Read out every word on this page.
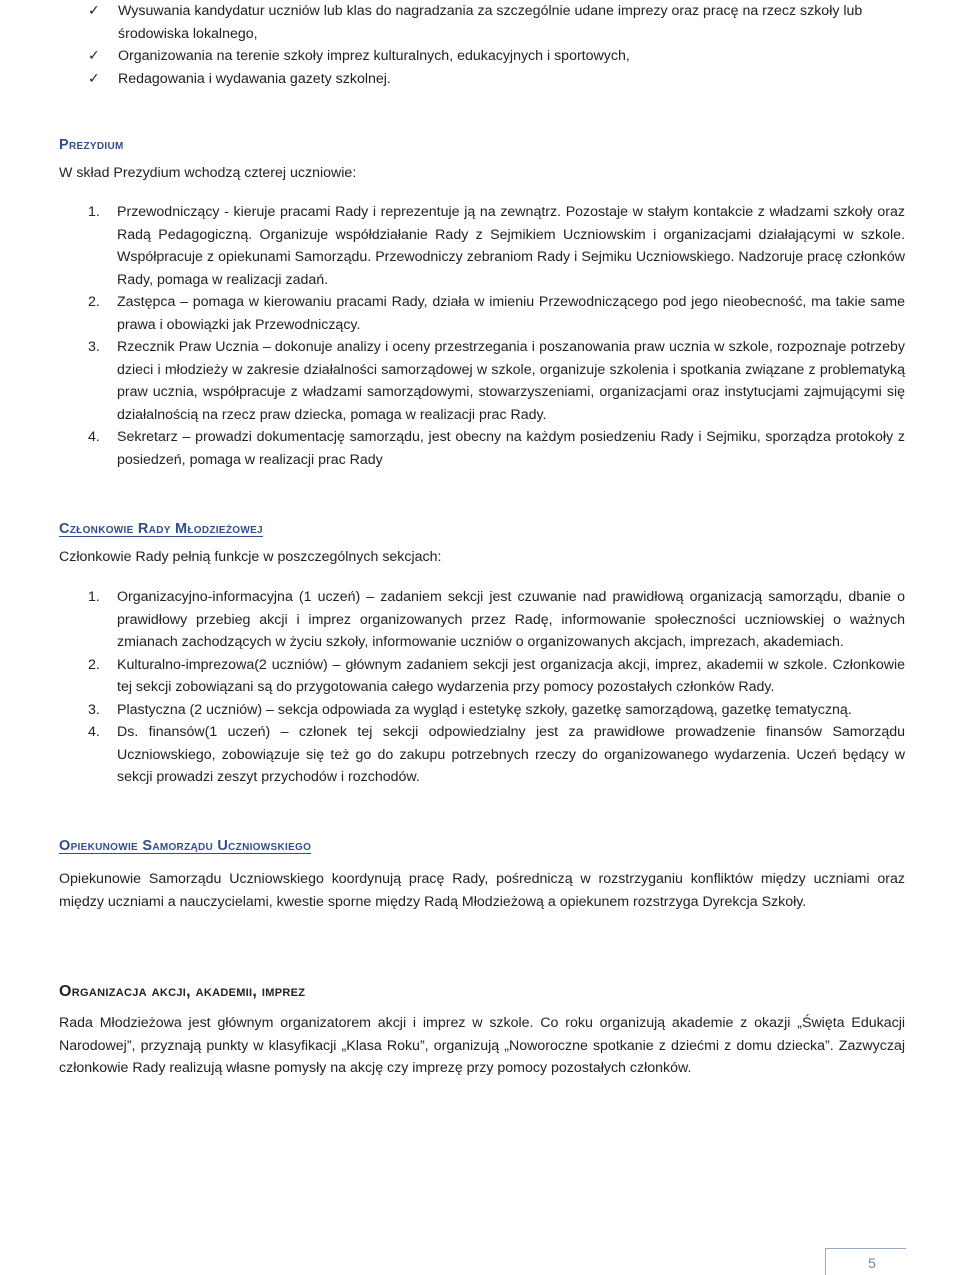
✓ Wysuwania kandydatur uczniów lub klas do nagradzania za szczególnie udane imprezy oraz pracę na rzecz szkoły lub środowiska lokalnego,
✓ Organizowania na terenie szkoły imprez kulturalnych, edukacyjnych i sportowych,
✓ Redagowania i wydawania gazety szkolnej.
Prezydium

W skład Prezydium wchodzą czterej uczniowie:

1. Przewodniczący - kieruje pracami Rady i reprezentuje ją na zewnątrz. Pozostaje w stałym kontakcie z władzami szkoły oraz Radą Pedagogiczną. Organizuje współdziałanie Rady z Sejmikiem Uczniowskim i organizacjami działającymi w szkole. Współpracuje z opiekunami Samorządu. Przewodniczy zebraniom Rady i Sejmiku Uczniowskiego. Nadzoruje pracę członków Rady, pomaga w realizacji zadań.
2. Zastępca – pomaga w kierowaniu pracami Rady, działa w imieniu Przewodniczącego pod jego nieobecność, ma takie same prawa i obowiązki jak Przewodniczący.
3. Rzecznik Praw Ucznia – dokonuje analizy i oceny przestrzegania i poszanowania praw ucznia w szkole, rozpoznaje potrzeby dzieci i młodzieży w zakresie działalności samorządowej w szkole, organizuje szkolenia i spotkania związane z problematyką praw ucznia, współpracuje z władzami samorządowymi, stowarzyszeniami, organizacjami oraz instytucjami zajmującymi się działalnością na rzecz praw dziecka, pomaga w realizacji prac Rady.
4. Sekretarz – prowadzi dokumentację samorządu, jest obecny na każdym posiedzeniu Rady i Sejmiku, sporządza protokoły z posiedzeń, pomaga w realizacji prac Rady
Członkowie Rady Młodzieżowej

Członkowie Rady pełnią funkcje w poszczególnych sekcjach:

1. Organizacyjno-informacyjna (1 uczeń) – zadaniem sekcji jest czuwanie nad prawidłową organizacją samorządu, dbanie o prawidłowy przebieg akcji i imprez organizowanych przez Radę, informowanie społeczności uczniowskiej o ważnych zmianach zachodzących w życiu szkoły, informowanie uczniów o organizowanych akcjach, imprezach, akademiach.
2. Kulturalno-imprezowa(2 uczniów) – głównym zadaniem sekcji jest organizacja akcji, imprez, akademii w szkole. Członkowie tej sekcji zobowiązani są do przygotowania całego wydarzenia przy pomocy pozostałych członków Rady.
3. Plastyczna (2 uczniów) – sekcja odpowiada za wygląd i estetykę szkoły, gazetkę samorządową, gazetkę tematyczną.
4. Ds. finansów(1 uczeń) – członek tej sekcji odpowiedzialny jest za prawidłowe prowadzenie finansów Samorządu Uczniowskiego, zobowiązuje się też go do zakupu potrzebnych rzeczy do organizowanego wydarzenia. Uczeń będący w sekcji prowadzi zeszyt przychodów i rozchodów.
Opiekunowie Samorządu Uczniowskiego

Opiekunowie Samorządu Uczniowskiego koordynują pracę Rady, pośredniczą w rozstrzyganiu konfliktów między uczniami oraz między uczniami a nauczycielami, kwestie sporne między Radą Młodzieżową a opiekunem rozstrzyga Dyrekcja Szkoły.

Organizacja akcji, akademii, imprez

Rada Młodzieżowa jest głównym organizatorem akcji i imprez w szkole. Co roku organizują akademie z okazji „Święta Edukacji Narodowej”, przyznają punkty w klasyfikacji „Klasa Roku”, organizują „Noworoczne spotkanie z dziećmi z domu dziecka”. Zazwyczaj członkowie Rady realizują własne pomysły na akcję czy imprezę przy pomocy pozostałych członków.

5
